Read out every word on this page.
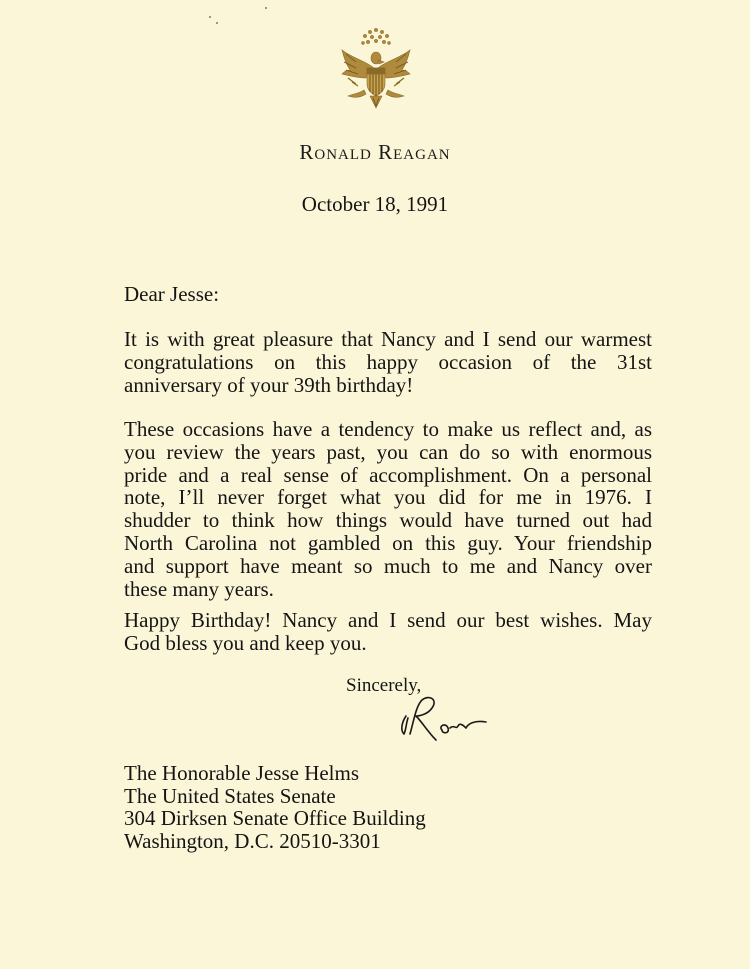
Ronald Reagan
October 18, 1991
Dear Jesse:
It is with great pleasure that Nancy and I send our warmest
congratulations on this happy occasion of the 31st
anniversary of your 39th birthday!
These occasions have a tendency to make us reflect and, as
you review the years past, you can do so with enormous
pride and a real sense of accomplishment. On a personal
note, I’ll never forget what you did for me in 1976. I
shudder to think how things would have turned out had
North Carolina not gambled on this guy. Your friendship
and support have meant so much to me and Nancy over
these many years.
Happy Birthday! Nancy and I send our best wishes. May
God bless you and keep you.
Sincerely,
The Honorable Jesse Helms
The United States Senate
304 Dirksen Senate Office Building
Washington, D.C. 20510-3301
